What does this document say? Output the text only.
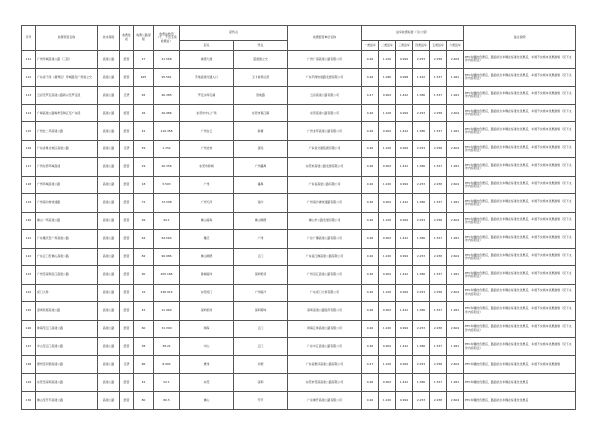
序号	收费项目名称	技术等级	收费性质	收费公路里程	收费站数量（个，不含主线收费站）	起终点		收费经营单位名称	货车收费标准（元/公里）						备注说明
						起点	终点		一类货车	二类货车	三类货车	四类货车	五类货车	六类货车	
111	广州环城高速公路（三段）	高速公路	经营	27	21.568	港湾大道	蓝窗园立交	广州广深高速公路有限公司	0.46	1.100	0.994	2.253	2.258	2.604	ETC车辆按优惠后，路面状态车辆在标准化优惠后，车道不实施本优惠措施（见下文件内容附注）
112	广东省干线（越秀区）环城路至广州南立交	高速公路	经营	625	95.561	芳地高速交通入口	玉卡首桥运营	广东平洲快速路发展有限公司	0.46	1.090	0.998	1.522	1.537	1.961	ETC车辆按优惠后，路面状态车辆在标准化优惠后，车道不实施本优惠措施（见下文件内容附注）
113	云浮至罗定高速公路新兴至罗定段	高速公路	还贷	65	40.385	罗定水库石湖	泡地路	云浮高速公路有限公司	0.47	0.902	1.422	1.386	1.537	1.961	ETC车辆按优惠后，路面状态车辆在标准化优惠后，车道不实施本优惠措施（见下文件内容附注）
114	广梅高速公路梅州至韩江至广东段	高速公路	经营	36	26.986	东莞市中心广场	东莞市黄江镇	东莞高速公路有限公司	0.46	1.100	0.994	2.253	2.258	2.604	ETC车辆按优惠后，路面状态车辆在标准化优惠后，车道不实施本优惠措施（见下文件内容附注）
115	广州北二环高速公路	高速公路	经营	42	116.358	广州白云	新塘	广州北环高速公路有限公司	0.46	0.902	1.422	1.386	1.537	1.961	ETC车辆按优惠后，路面状态车辆在标准化优惠后，车道不实施本优惠措施（见下文件内容附注）
116	广东省粤北地区高速公路	高速公路	还贷	59	1.152	广州北郊	清远	广东省交通集团有限公司	0.46	1.100	0.994	2.253	2.258	2.604	ETC车辆按优惠后，路面状态车辆在标准化优惠后，车道不实施本优惠措施（见下文件内容附注）
117	广州东部环城高速	高速公路	经营	29	26.356	东莞市新城	广州番禺	东莞市高速公路发展有限公司	0.46	0.902	1.422	1.386	1.537	1.961	ETC车辆按优惠后，路面状态车辆在标准化优惠后，车道不实施本优惠措施（见下文件内容附注）
118	广州环城高速公路	高速公路	经营	18	5.503	广州	番禺	广东省高速公路有限公司	0.46	1.100	0.994	2.253	2.258	2.604	ETC车辆按优惠后，路面状态车辆在标准化优惠后，车道不实施本优惠措施（见下文件内容附注）
119	广州南沙港快速路	高速公路	经营	72	72.598	广州天河	南沙	广州南沙港快速路有限公司	0.46	0.902	1.422	1.386	1.537	1.961	ETC车辆按优惠后，路面状态车辆在标准化优惠后，车道不实施本优惠措施（见下文件内容附注）
120	佛山一环高速公路	高速公路	经营	99	99.1	佛山南海	佛山顺德	佛山市公路发展有限公司	0.46	1.100	0.994	2.253	2.258	2.604	ETC车辆按优惠后，路面状态车辆在标准化优惠后，车道不实施本优惠措施（见下文件内容附注）
121	广东肇庆至广州高速公路	高速公路	经营	64	64.564	肇庆	广州	广东广肇高速公路有限公司	0.46	0.902	1.422	1.386	1.537	1.961	ETC车辆按优惠后，路面状态车辆在标准化优惠后，车道不实施本优惠措施（见下文件内容附注）
122	广东江门至佛山高速公路	高速公路	经营	82	96.986	佛山顺德	江门	广东省江佛高速公路有限公司	0.46	1.100	0.994	2.253	2.258	2.604	ETC车辆按优惠后，路面状态车辆在标准化优惠后，车道不实施本优惠措施（见下文件内容附注）
123	广州至深圳沿江高速公路	高速公路	经营	90	205.186	黄埔南岗	深圳机场	广州沿江高速公路有限公司	0.46	0.902	1.422	1.386	1.537	1.961	ETC车辆按优惠后，路面状态车辆在标准化优惠后，车道不实施本优惠措施（见下文件内容附注）
124	虎门大桥	高速公路	经营	16	236.919	东莞虎门	广州南沙	广东虎门大桥有限公司	0.46	1.100	0.994	2.253	2.258	2.604	ETC车辆按优惠后，路面状态车辆在标准化优惠后，车道不实施本优惠措施（见下文件内容附注）
125	深圳机荷高速公路	高速公路	经营	45	21.969	深圳机场	深圳荷坳	深圳高速公路股份有限公司	0.46	0.902	1.422	1.386	1.537	1.961	ETC车辆按优惠后，路面状态车辆在标准化优惠后，车道不实施本优惠措施（见下文件内容附注）
126	珠海至江门高速公路	高速公路	经营	60	31.309	珠海	江门	珠海江珠高速公路有限公司	0.46	1.100	0.994	2.253	2.258	2.604	ETC车辆按优惠后，路面状态车辆在标准化优惠后，车道不实施本优惠措施（见下文件内容附注）
127	中山至江门高速公路	高速公路	经营	38	38.21	中山	江门	广东中江高速公路有限公司	0.46	0.902	1.422	1.386	1.537	1.961	ETC车辆按优惠后，路面状态车辆在标准化优惠后，车道不实施本优惠措施（见下文件内容附注）
128	惠州至河源高速公路	高速公路	还贷	86	8.902	惠州	河源	广东省惠河高速公路有限公司	0.47	1.100	0.994	2.253	2.258	2.604	ETC车辆按优惠后，路面状态车辆在标准化优惠后，车道不实施本优惠措施
129	东莞至深圳高速公路	高速公路	经营	52	52.1	东莞	深圳	东莞市莞深高速公路有限公司	0.46	0.902	1.422	1.386	1.537	1.961	ETC车辆按优惠后，路面状态车辆在标准化优惠后
130	佛山至开平高速公路	高速公路	经营	80	80.5	佛山	开平	广东佛开高速公路有限公司	0.46	1.100	0.994	2.253	2.258	2.604	ETC车辆按优惠后，路面状态车辆在标准化优惠后
